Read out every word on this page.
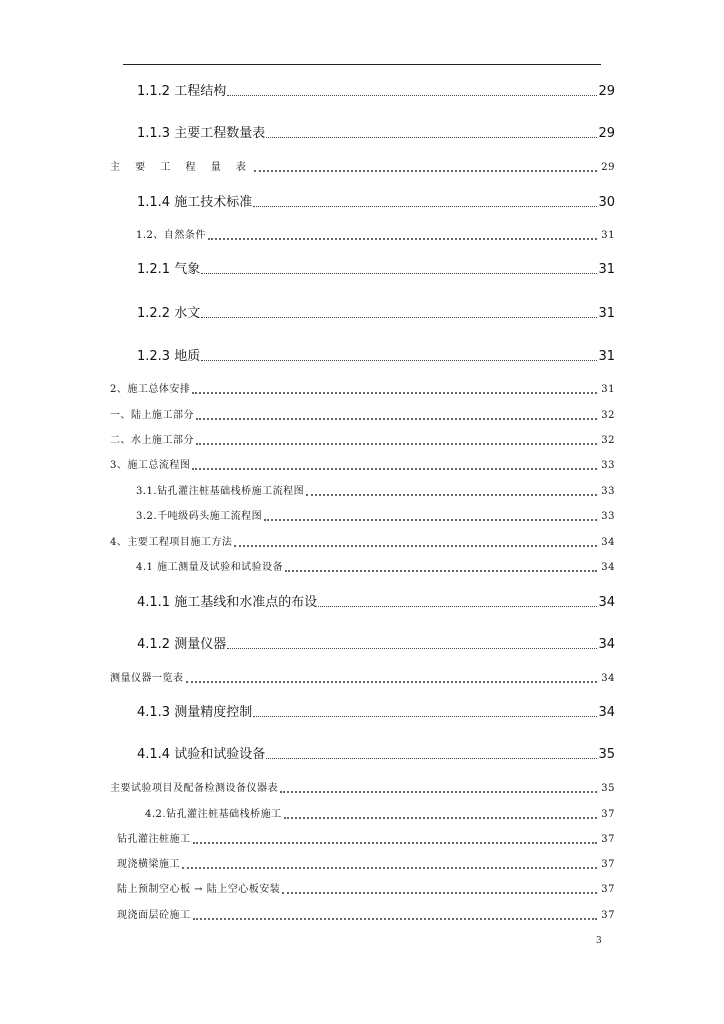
1.1.2 工程结构	29
1.1.3 主要工程数量表	29
主 要 工 程 量 表	29
1.1.4 施工技术标准	30
1.2、自然条件	31
1.2.1 气象	31
1.2.2 水文	31
1.2.3 地质	31
2、施工总体安排	31
一、陆上施工部分	32
二、水上施工部分	32
3、施工总流程图	33
3.1.钻孔灌注桩基础栈桥施工流程图	33
3.2.千吨级码头施工流程图	33
4、主要工程项目施工方法	34
4.1 施工测量及试验和试验设备	34
4.1.1 施工基线和水准点的布设	34
4.1.2 测量仪器	34
测量仪器一览表	34
4.1.3 测量精度控制	34
4.1.4 试验和试验设备	35
主要试验项目及配备检测设备仪器表	35
4.2.钻孔灌注桩基础栈桥施工	37
钻孔灌注桩施工	37
现浇横梁施工	37
陆上预制空心板 → 陆上空心板安装	37
现浇面层砼施工	37
3
